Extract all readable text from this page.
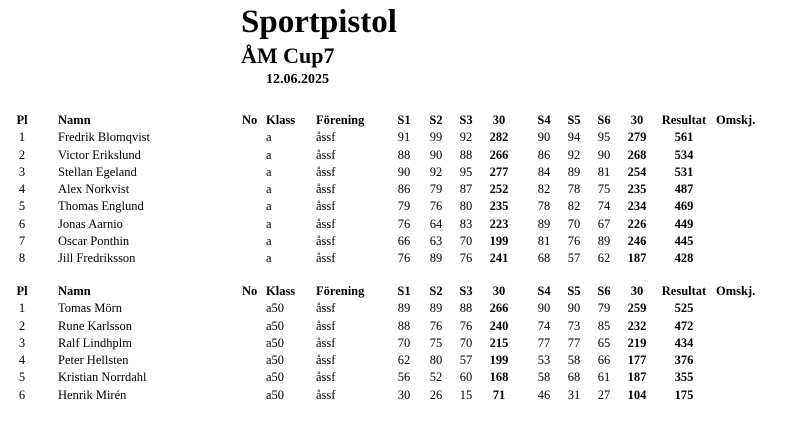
Sportpistol
ÅM Cup7
12.06.2025
Pl	Namn	No Klass Förening	S1	S2	S3	30	S4	S5	S6	30	Resultat Omskj.
1	Fredrik Blomqvist	a	åssf	91	99	92	282	90	94	95	279	561
2	Victor Erikslund	a	åssf	88	90	88	266	86	92	90	268	534
3	Stellan Egeland	a	åssf	90	92	95	277	84	89	81	254	531
4	Alex Norkvist	a	åssf	86	79	87	252	82	78	75	235	487
5	Thomas Englund	a	åssf	79	76	80	235	78	82	74	234	469
6	Jonas Aarnio	a	åssf	76	64	83	223	89	70	67	226	449
7	Oscar Ponthin	a	åssf	66	63	70	199	81	76	89	246	445
8	Jill Fredriksson	a	åssf	76	89	76	241	68	57	62	187	428
Pl	Namn	No Klass Förening	S1	S2	S3	30	S4	S5	S6	30	Resultat Omskj.
1	Tomas Mörn	a50	åssf	89	89	88	266	90	90	79	259	525
2	Rune Karlsson	a50	åssf	88	76	76	240	74	73	85	232	472
3	Ralf Lindhplm	a50	åssf	70	75	70	215	77	77	65	219	434
4	Peter Hellsten	a50	åssf	62	80	57	199	53	58	66	177	376
5	Kristian Norrdahl	a50	åssf	56	52	60	168	58	68	61	187	355
6	Henrik Mirén	a50	åssf	30	26	15	71	46	31	27	104	175
